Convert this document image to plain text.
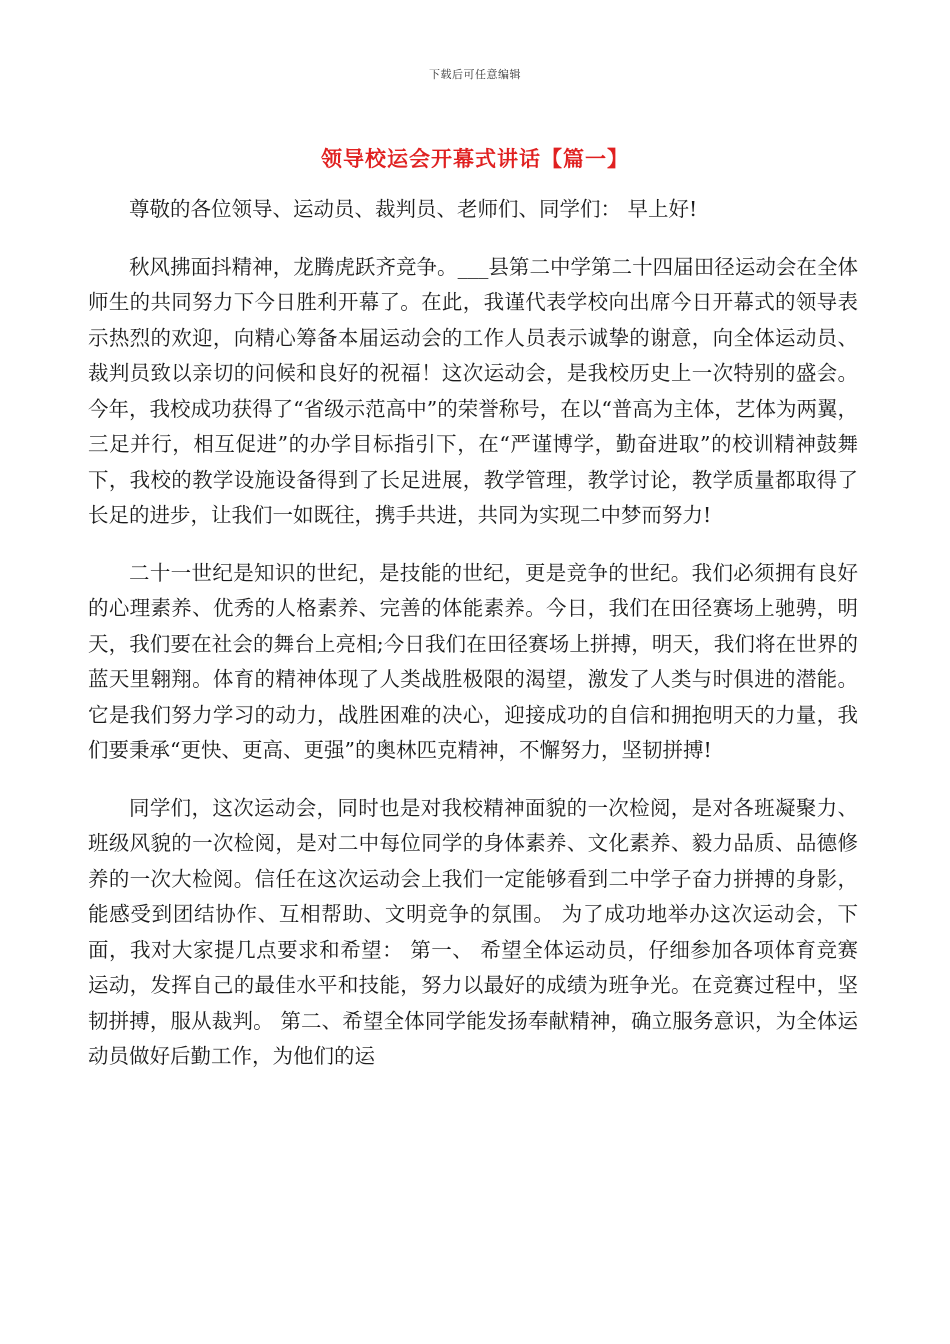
下载后可任意编辑
领导校运会开幕式讲话【篇一】

尊敬的各位领导、运动员、裁判员、老师们、同学们： 早上好!

秋风拂面抖精神，龙腾虎跃齐竞争。___县第二中学第二十四届田径运动会在全体师生的共同努力下今日胜利开幕了。在此，我谨代表学校向出席今日开幕式的领导表示热烈的欢迎，向精心筹备本届运动会的工作人员表示诚挚的谢意，向全体运动员、裁判员致以亲切的问候和良好的祝福！这次运动会，是我校历史上一次特别的盛会。今年，我校成功获得了“省级示范高中”的荣誉称号，在以“普高为主体，艺体为两翼，三足并行，相互促进”的办学目标指引下，在“严谨博学，勤奋进取”的校训精神鼓舞下，我校的教学设施设备得到了长足进展，教学管理，教学讨论，教学质量都取得了长足的进步，让我们一如既往，携手共进，共同为实现二中梦而努力!

二十一世纪是知识的世纪，是技能的世纪，更是竞争的世纪。我们必须拥有良好的心理素养、优秀的人格素养、完善的体能素养。今日，我们在田径赛场上驰骋，明天，我们要在社会的舞台上亮相;今日我们在田径赛场上拼搏，明天，我们将在世界的蓝天里翱翔。体育的精神体现了人类战胜极限的渴望，激发了人类与时俱进的潜能。它是我们努力学习的动力，战胜困难的决心，迎接成功的自信和拥抱明天的力量，我们要秉承“更快、更高、更强”的奥林匹克精神，不懈努力，坚韧拼搏!

同学们，这次运动会，同时也是对我校精神面貌的一次检阅，是对各班凝聚力、班级风貌的一次检阅，是对二中每位同学的身体素养、文化素养、毅力品质、品德修养的一次大检阅。信任在这次运动会上我们一定能够看到二中学子奋力拼搏的身影，能感受到团结协作、互相帮助、文明竞争的氛围。 为了成功地举办这次运动会，下面，我对大家提几点要求和希望： 第一、 希望全体运动员，仔细参加各项体育竞赛运动，发挥自己的最佳水平和技能，努力以最好的成绩为班争光。在竞赛过程中，坚韧拼搏，服从裁判。 第二、希望全体同学能发扬奉献精神，确立服务意识，为全体运动员做好后勤工作，为他们的运
